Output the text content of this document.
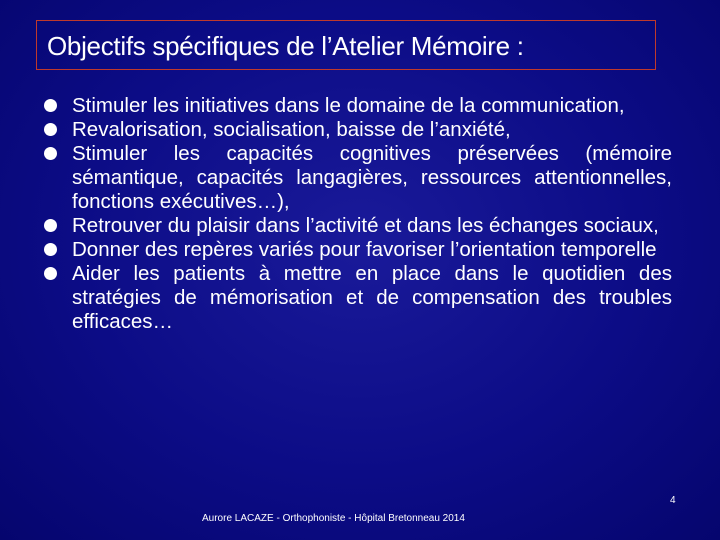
Objectifs spécifiques de l’Atelier Mémoire :
Stimuler les initiatives dans le domaine de la communication,
Revalorisation, socialisation, baisse de l’anxiété,
Stimuler les capacités cognitives préservées (mémoire sémantique, capacités langagières, ressources attentionnelles, fonctions exécutives…),
Retrouver du plaisir dans l’activité et dans les échanges sociaux,
Donner des repères variés pour favoriser l’orientation temporelle
Aider les patients à mettre en place dans le quotidien des stratégies de mémorisation et de compensation des troubles efficaces…
4
Aurore LACAZE - Orthophoniste - Hôpital Bretonneau 2014
